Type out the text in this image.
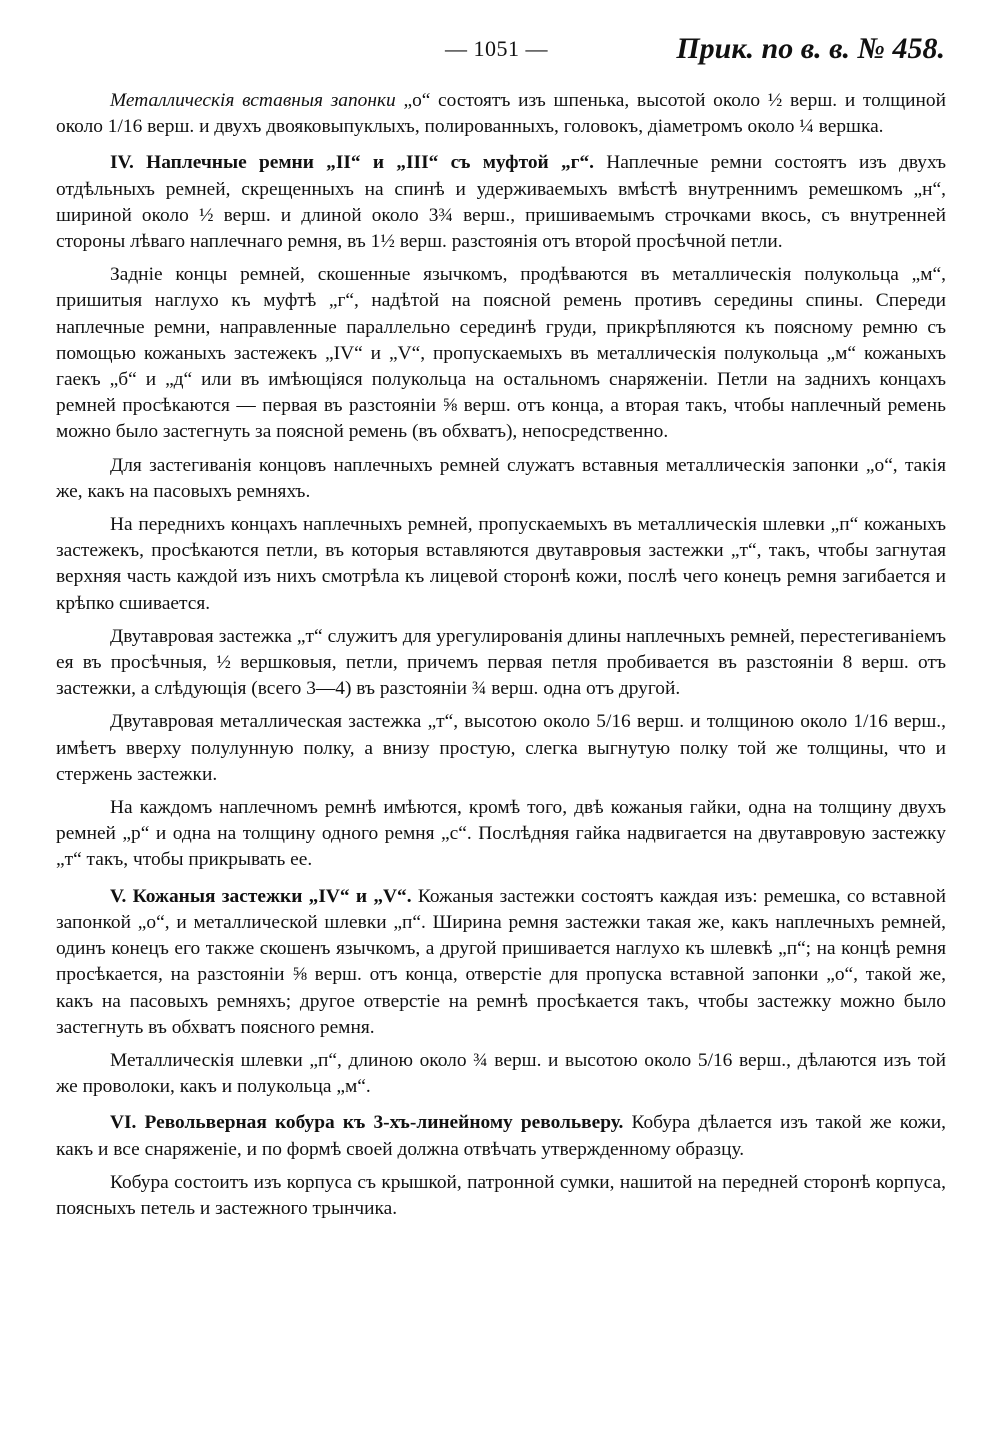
— 1051 —	Прик. по в. в. № 458.

Металлическія вставныя запонки „о“ состоятъ изъ шпенька, высотой около ½ верш. и толщиной около 1/16 верш. и двухъ двояковыпуклыхъ, полированныхъ, головокъ, діаметромъ около ¼ вершка.

IV. Наплечные ремни „II“ и „III“ съ муфтой „г“. Наплечные ремни состоятъ изъ двухъ отдѣльныхъ ремней, скрещенныхъ на спинѣ и удерживаемыхъ вмѣстѣ внутреннимъ ремешкомъ „н“, шириной около ½ верш. и длиной около 3¾ верш., пришиваемымъ строчками вкось, съ внутренней стороны лѣваго наплечнаго ремня, въ 1½ верш. разстоянія отъ второй просѣчной петли.

Задніе концы ремней, скошенные язычкомъ, продѣваются въ металлическія полукольца „м“, пришитыя наглухо къ муфтѣ „г“, надѣтой на поясной ремень противъ середины спины. Спереди наплечные ремни, направленные параллельно серединѣ груди, прикрѣпляются къ поясному ремню съ помощью кожаныхъ застежекъ „IV“ и „V“, пропускаемыхъ въ металлическія полукольца „м“ кожаныхъ гаекъ „б“ и „д“ или въ имѣющіяся полукольца на остальномъ снаряженіи. Петли на заднихъ концахъ ремней просѣкаются — первая въ разстояніи ⅝ верш. отъ конца, а вторая такъ, чтобы наплечный ремень можно было застегнуть за поясной ремень (въ обхватъ), непосредственно.

Для застегиванія концовъ наплечныхъ ремней служатъ вставныя металлическія запонки „о“, такія же, какъ на пасовыхъ ремняхъ.

На переднихъ концахъ наплечныхъ ремней, пропускаемыхъ въ металлическія шлевки „п“ кожаныхъ застежекъ, просѣкаются петли, въ которыя вставляются двутавровыя застежки „т“, такъ, чтобы загнутая верхняя часть каждой изъ нихъ смотрѣла къ лицевой сторонѣ кожи, послѣ чего конецъ ремня загибается и крѣпко сшивается.

Двутавровая застежка „т“ служитъ для урегулированія длины наплечныхъ ремней, перестегиваніемъ ея въ просѣчныя, ½ вершковыя, петли, причемъ первая петля пробивается въ разстояніи 8 верш. отъ застежки, а слѣдующія (всего 3—4) въ разстояніи ¾ верш. одна отъ другой.

Двутавровая металлическая застежка „т“, высотою около 5/16 верш. и толщиною около 1/16 верш., имѣетъ вверху полулунную полку, а внизу простую, слегка выгнутую полку той же толщины, что и стержень застежки.

На каждомъ наплечномъ ремнѣ имѣются, кромѣ того, двѣ кожаныя гайки, одна на толщину двухъ ремней „р“ и одна на толщину одного ремня „с“. Послѣдняя гайка надвигается на двутавровую застежку „т“ такъ, чтобы прикрывать ее.

V. Кожаныя застежки „IV“ и „V“. Кожаныя застежки состоятъ каждая изъ: ремешка, со вставной запонкой „о“, и металлической шлевки „п“. Ширина ремня застежки такая же, какъ наплечныхъ ремней, одинъ конецъ его также скошенъ язычкомъ, а другой пришивается наглухо къ шлевкѣ „п“; на концѣ ремня просѣкается, на разстояніи ⅝ верш. отъ конца, отверстіе для пропуска вставной запонки „о“, такой же, какъ на пасовыхъ ремняхъ; другое отверстіе на ремнѣ просѣкается такъ, чтобы застежку можно было застегнуть въ обхватъ поясного ремня.

Металлическія шлевки „п“, длиною около ¾ верш. и высотою около 5/16 верш., дѣлаются изъ той же проволоки, какъ и полукольца „м“.

VI. Револьверная кобура къ 3-хъ-линейному револьверу. Кобура дѣлается изъ такой же кожи, какъ и все снаряженіе, и по формѣ своей должна отвѣчать утвержденному образцу.

Кобура состоитъ изъ корпуса съ крышкой, патронной сумки, нашитой на передней сторонѣ корпуса, поясныхъ петель и застежного трынчика.
